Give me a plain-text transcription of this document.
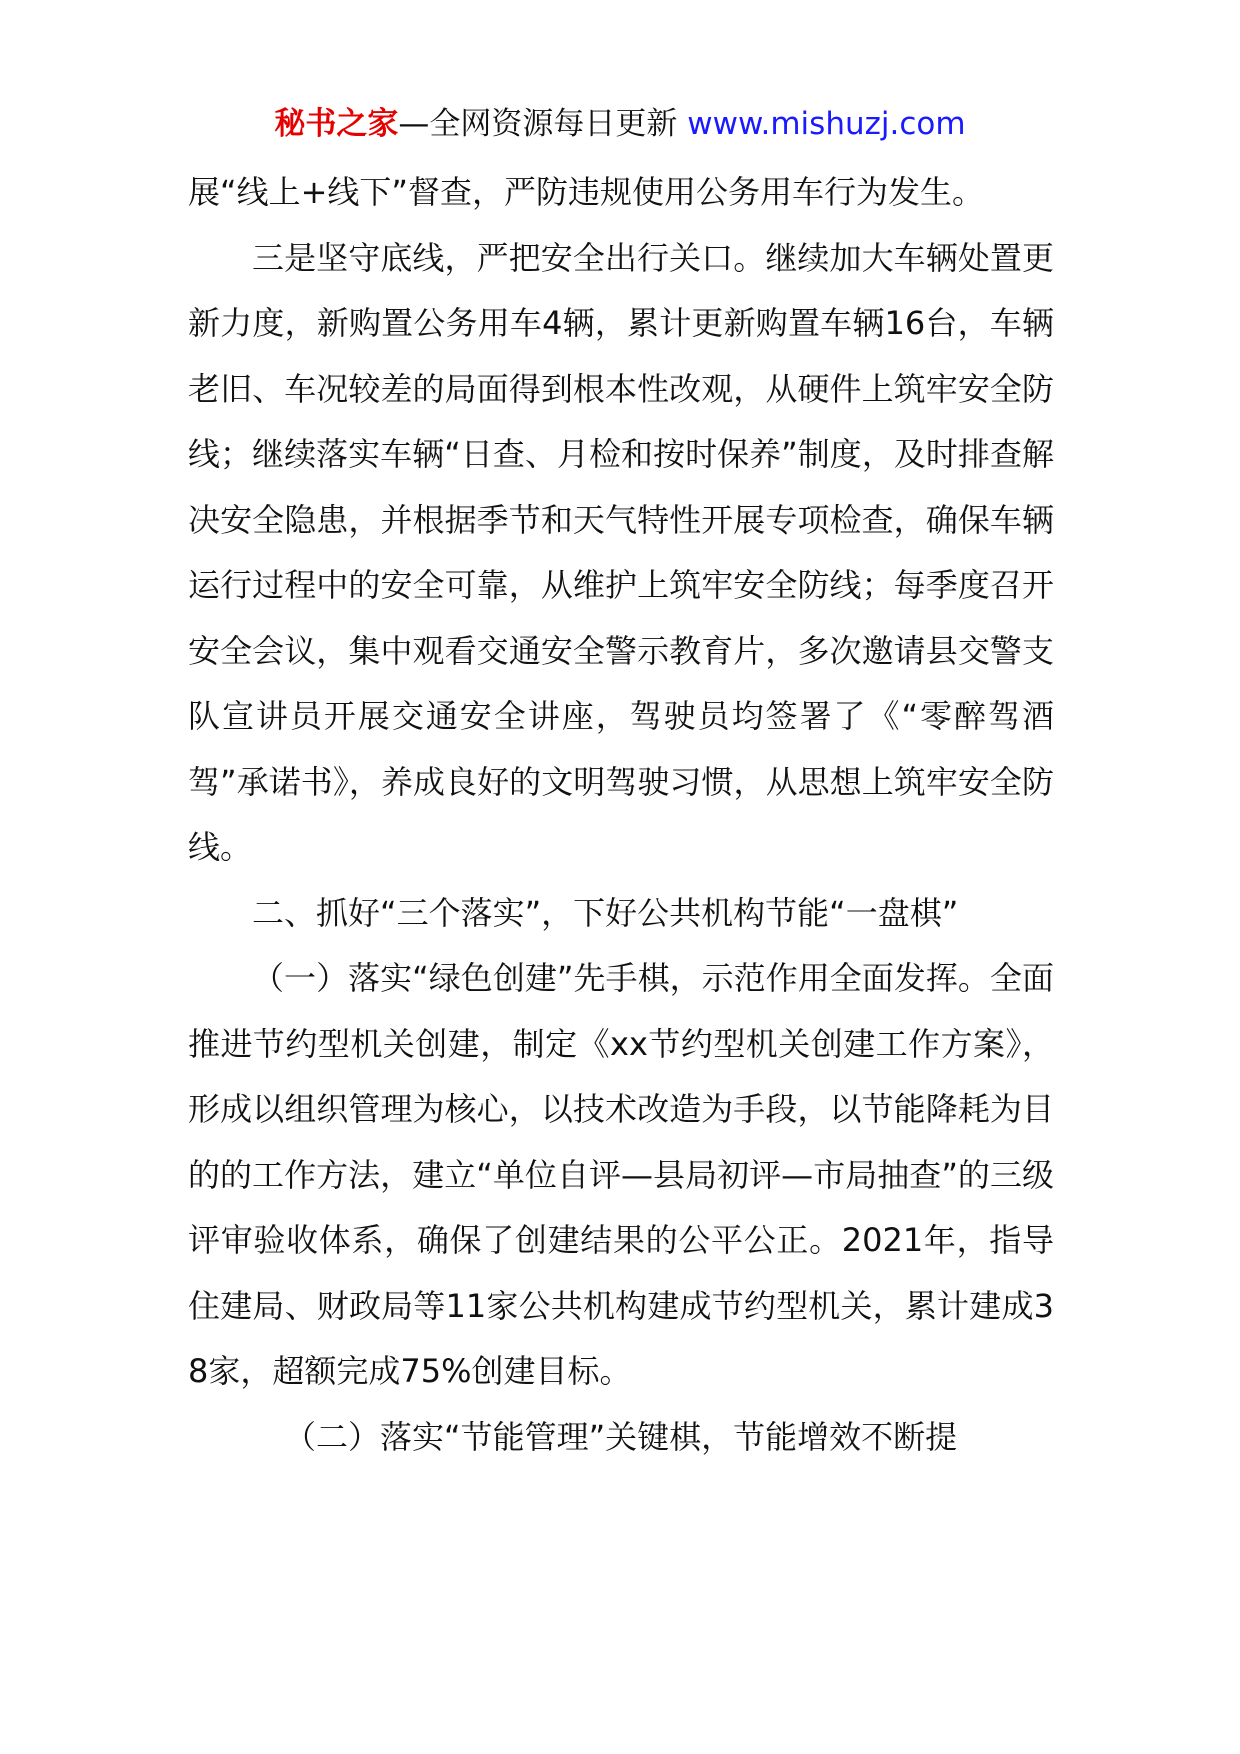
秘书之家—全网资源每日更新 www.mishuzj.com

展“线上+线下”督查，严防违规使用公务用车行为发生。

三是坚守底线，严把安全出行关口。继续加大车辆处置更新力度，新购置公务用车4辆，累计更新购置车辆16台，车辆老旧、车况较差的局面得到根本性改观，从硬件上筑牢安全防线；继续落实车辆“日查、月检和按时保养”制度，及时排查解决安全隐患，并根据季节和天气特性开展专项检查，确保车辆运行过程中的安全可靠，从维护上筑牢安全防线；每季度召开安全会议，集中观看交通安全警示教育片，多次邀请县交警支队宣讲员开展交通安全讲座，驾驶员均签署了《“零醉驾酒驾”承诺书》，养成良好的文明驾驶习惯，从思想上筑牢安全防线。

二、抓好“三个落实”，下好公共机构节能“一盘棋”

（一）落实“绿色创建”先手棋，示范作用全面发挥。全面推进节约型机关创建，制定《xx节约型机关创建工作方案》，形成以组织管理为核心，以技术改造为手段，以节能降耗为目的的工作方法，建立“单位自评—县局初评—市局抽查”的三级评审验收体系，确保了创建结果的公平公正。2021年，指导住建局、财政局等11家公共机构建成节约型机关，累计建成38家，超额完成75%创建目标。

（二）落实“节能管理”关键棋，节能增效不断提
